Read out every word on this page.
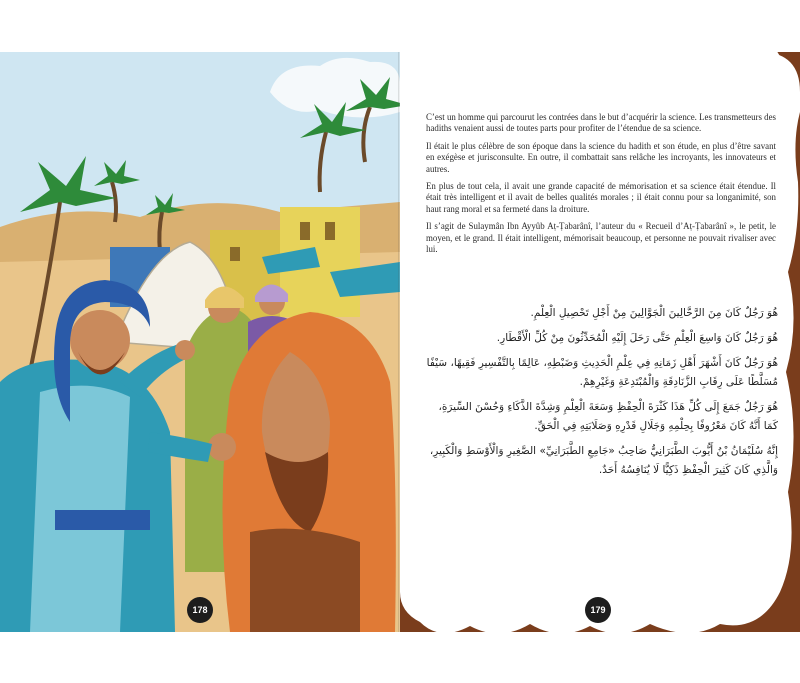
178

C’est un homme qui parcourut les contrées dans le but d’acquérir la science. Les transmetteurs des hadiths venaient aussi de toutes parts pour profiter de l’étendue de sa science.

Il était le plus célèbre de son époque dans la science du hadith et son étude, en plus d’être savant en exégèse et jurisconsulte. En outre, il combattait sans relâche les incroyants, les innovateurs et autres.

En plus de tout cela, il avait une grande capacité de mémorisation et sa science était étendue. Il était très intelligent et il avait de belles qualités morales ; il était connu pour sa longanimité, son haut rang moral et sa fermeté dans la droiture.

Il s’agit de Sulaymân Ibn Ayyûb Aṭ-Ṭabarânî, l’auteur du « Recueil d’Aṭ-Ṭabarânî », le petit, le moyen, et le grand. Il était intelligent, mémorisait beaucoup, et personne ne pouvait rivaliser avec lui.

هُوَ رَجُلٌ كَانَ مِنَ الرَّحَّالِينَ الْجَوَّالِينَ مِنْ أَجْلِ تَحْصِيلِ الْعِلْمِ.

هُوَ رَجُلٌ كَانَ وَاسِعَ الْعِلْمِ حَتَّى رَحَلَ إِلَيْهِ الْمُحَدِّثُونَ مِنْ كُلِّ الْأَقْطَارِ.

هُوَ رَجُلٌ كَانَ أَشْهَرَ أَهْلِ زَمَانِهِ فِي عِلْمِ الْحَدِيثِ وَضَبْطِهِ، عَالِمًا بِالتَّفْسِيرِ فَقِيهًا، سَيْفًا مُسَلَّطًا عَلَى رِقَابِ الزَّنَادِقَةِ وَالْمُبْتَدِعَةِ وَغَيْرِهِمْ.

هُوَ رَجُلٌ جَمَعَ إِلَى كُلِّ هَذَا كَثْرَةَ الْحِفْظِ وَسَعَةَ الْعِلْمِ وَشِدَّةَ الذَّكَاءِ وَحُسْنَ السِّيرَةِ، كَمَا أَنَّهُ كَانَ مَعْرُوفًا بِحِلْمِهِ وَجَلَالِ قَدْرِهِ وَصَلَابَتِهِ فِي الْحَقِّ.

إِنَّهُ سُلَيْمَانُ بْنُ أَيُّوبَ الطَّبَرَانِيُّ صَاحِبُ «جَامِعِ الطَّبَرَانِيِّ» الصَّغِيرِ وَالْأَوْسَطِ وَالْكَبِيرِ، وَالَّذِي كَانَ كَثِيرَ الْحِفْظِ ذَكِيًّا لَا يُنَافِسُهُ أَحَدٌ.

179
